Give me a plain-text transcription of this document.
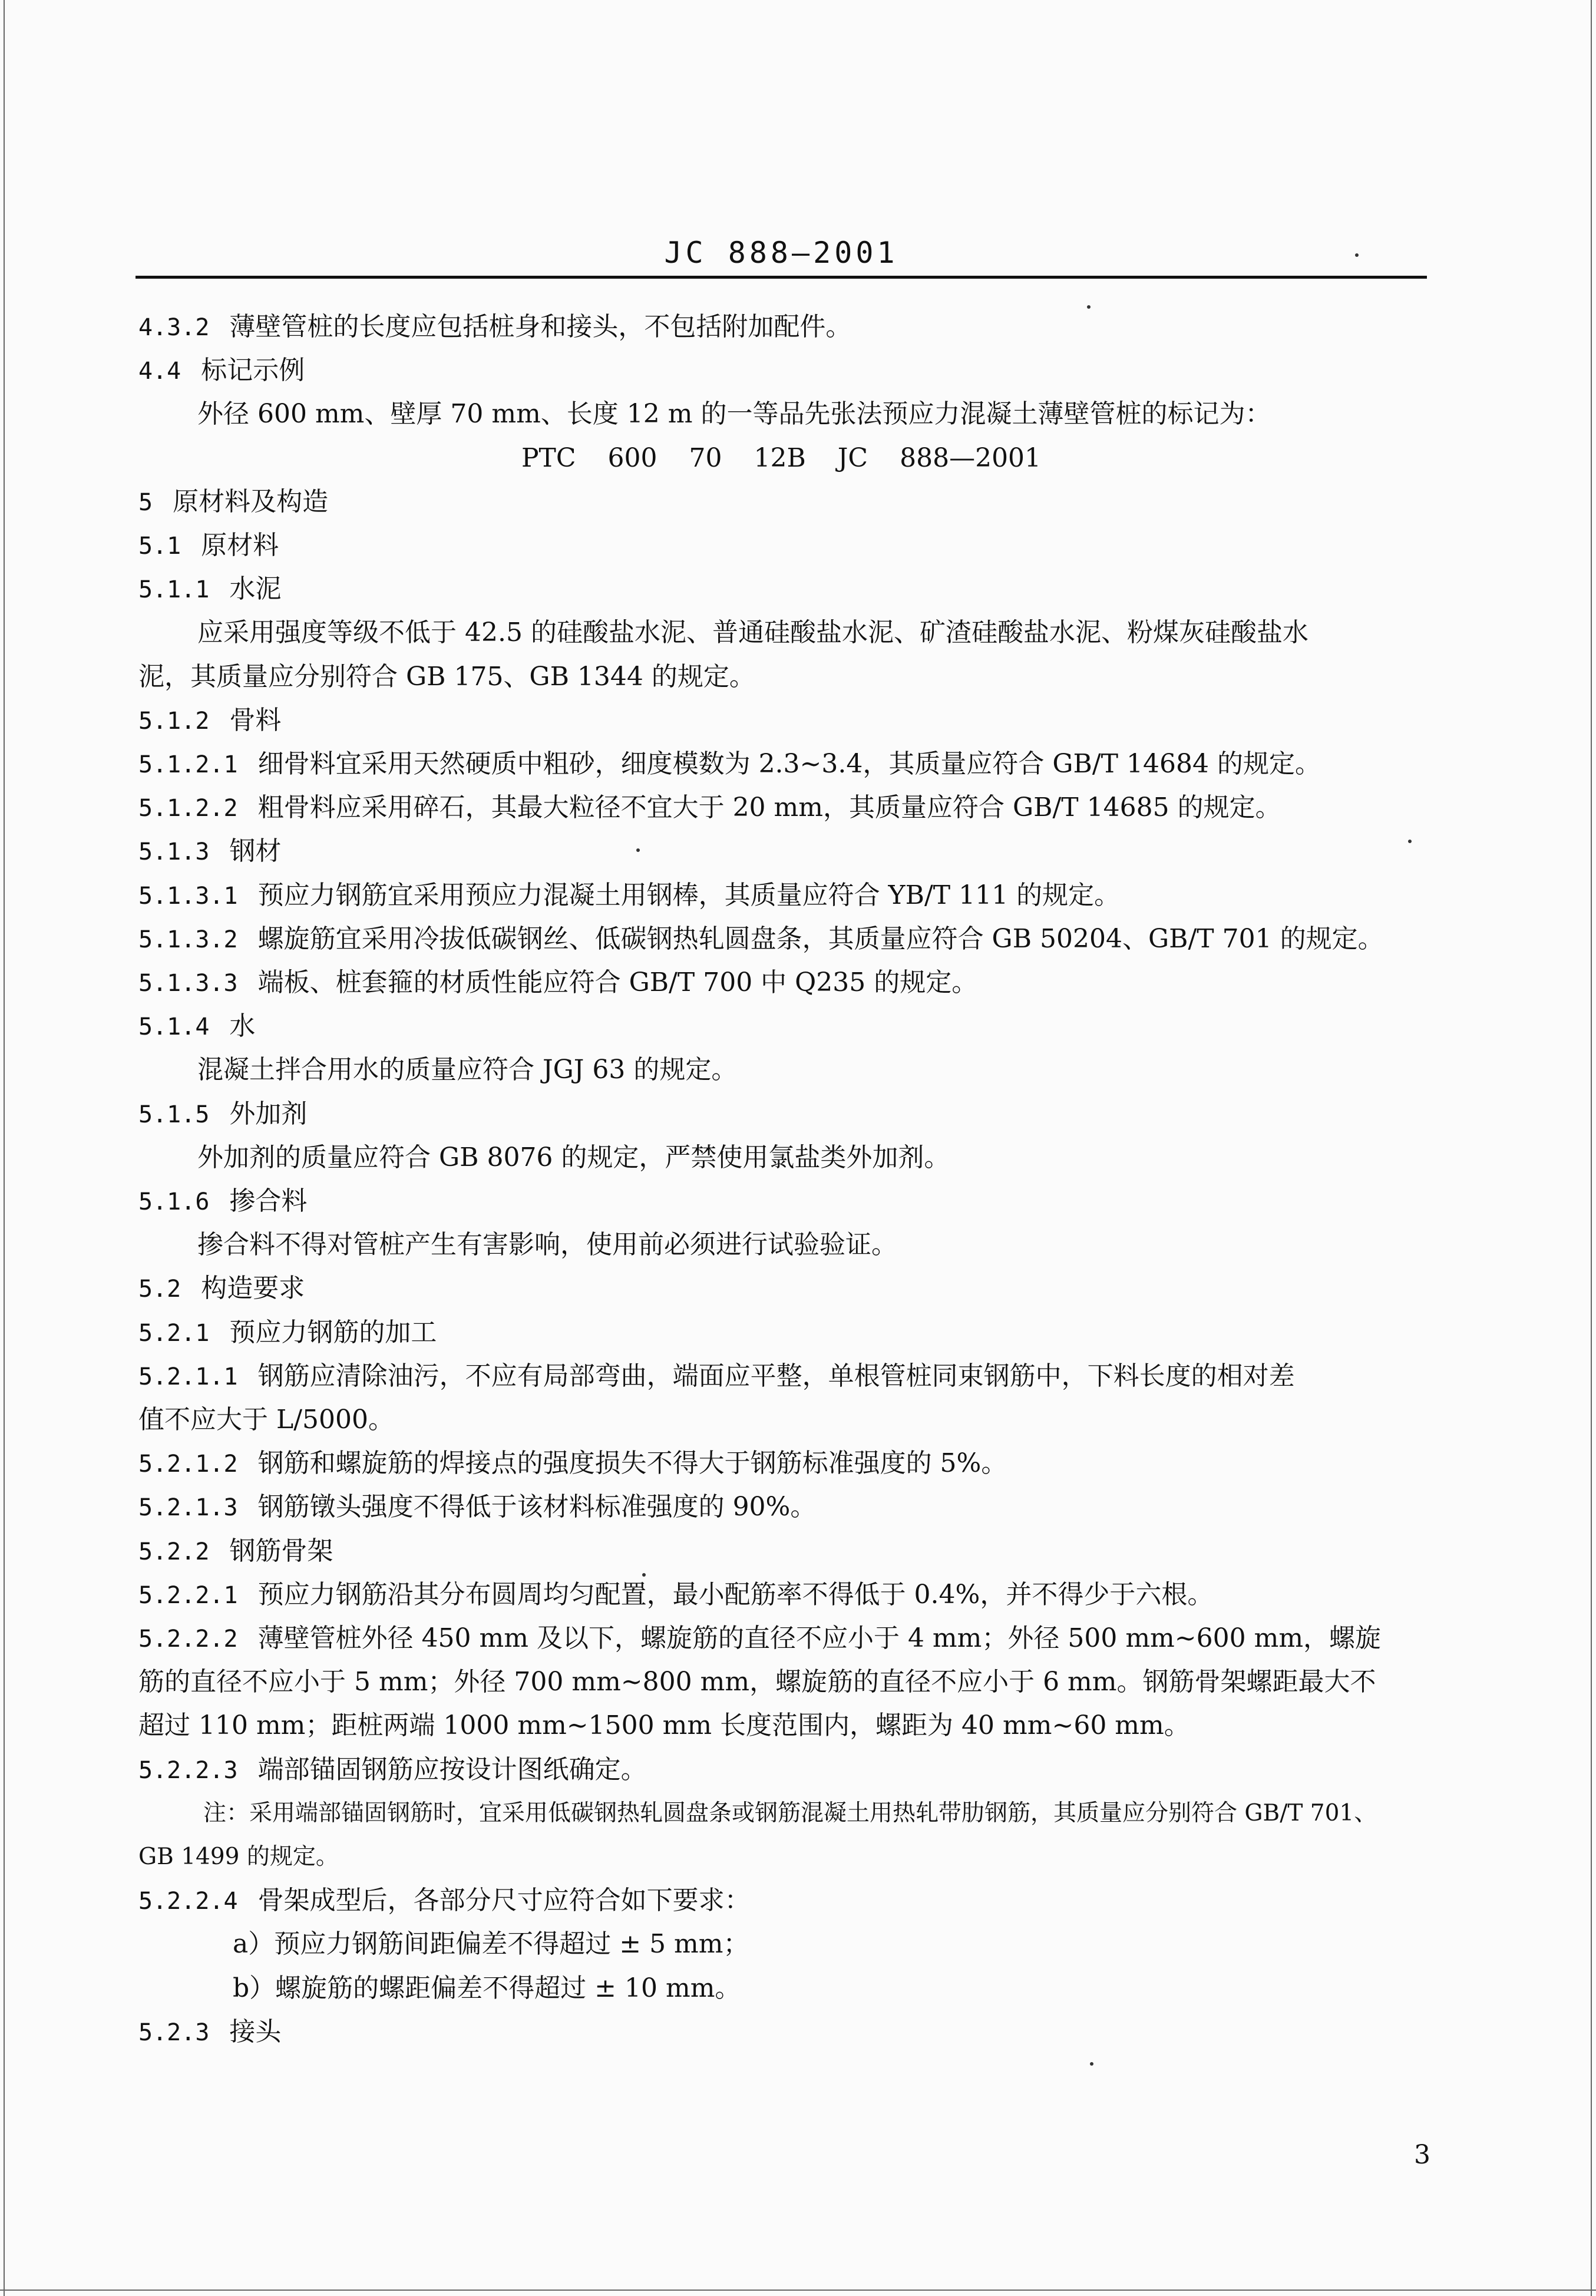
JC 888—2001
4.3.2 薄壁管桩的长度应包括桩身和接头，不包括附加配件。
4.4 标记示例
外径 600 mm、壁厚 70 mm、长度 12 m 的一等品先张法预应力混凝土薄壁管桩的标记为：
PTC 600 70 12B JC 888—2001
5 原材料及构造
5.1 原材料
5.1.1 水泥
应采用强度等级不低于 42.5 的硅酸盐水泥、普通硅酸盐水泥、矿渣硅酸盐水泥、粉煤灰硅酸盐水
泥，其质量应分别符合 GB 175、GB 1344 的规定。
5.1.2 骨料
5.1.2.1 细骨料宜采用天然硬质中粗砂，细度模数为 2.3~3.4，其质量应符合 GB/T 14684 的规定。
5.1.2.2 粗骨料应采用碎石，其最大粒径不宜大于 20 mm，其质量应符合 GB/T 14685 的规定。
5.1.3 钢材
5.1.3.1 预应力钢筋宜采用预应力混凝土用钢棒，其质量应符合 YB/T 111 的规定。
5.1.3.2 螺旋筋宜采用冷拔低碳钢丝、低碳钢热轧圆盘条，其质量应符合 GB 50204、GB/T 701 的规定。
5.1.3.3 端板、桩套箍的材质性能应符合 GB/T 700 中 Q235 的规定。
5.1.4 水
混凝土拌合用水的质量应符合 JGJ 63 的规定。
5.1.5 外加剂
外加剂的质量应符合 GB 8076 的规定，严禁使用氯盐类外加剂。
5.1.6 掺合料
掺合料不得对管桩产生有害影响，使用前必须进行试验验证。
5.2 构造要求
5.2.1 预应力钢筋的加工
5.2.1.1 钢筋应清除油污，不应有局部弯曲，端面应平整，单根管桩同束钢筋中，下料长度的相对差
值不应大于 L/5000。
5.2.1.2 钢筋和螺旋筋的焊接点的强度损失不得大于钢筋标准强度的 5%。
5.2.1.3 钢筋镦头强度不得低于该材料标准强度的 90%。
5.2.2 钢筋骨架
5.2.2.1 预应力钢筋沿其分布圆周均匀配置，最小配筋率不得低于 0.4%，并不得少于六根。
5.2.2.2 薄壁管桩外径 450 mm 及以下，螺旋筋的直径不应小于 4 mm；外径 500 mm~600 mm，螺旋
筋的直径不应小于 5 mm；外径 700 mm~800 mm，螺旋筋的直径不应小于 6 mm。钢筋骨架螺距最大不
超过 110 mm；距桩两端 1000 mm~1500 mm 长度范围内，螺距为 40 mm~60 mm。
5.2.2.3 端部锚固钢筋应按设计图纸确定。
注：采用端部锚固钢筋时，宜采用低碳钢热轧圆盘条或钢筋混凝土用热轧带肋钢筋，其质量应分别符合 GB/T 701、
GB 1499 的规定。
5.2.2.4 骨架成型后，各部分尺寸应符合如下要求：
a）预应力钢筋间距偏差不得超过 ± 5 mm；
b）螺旋筋的螺距偏差不得超过 ± 10 mm。
5.2.3 接头
3
